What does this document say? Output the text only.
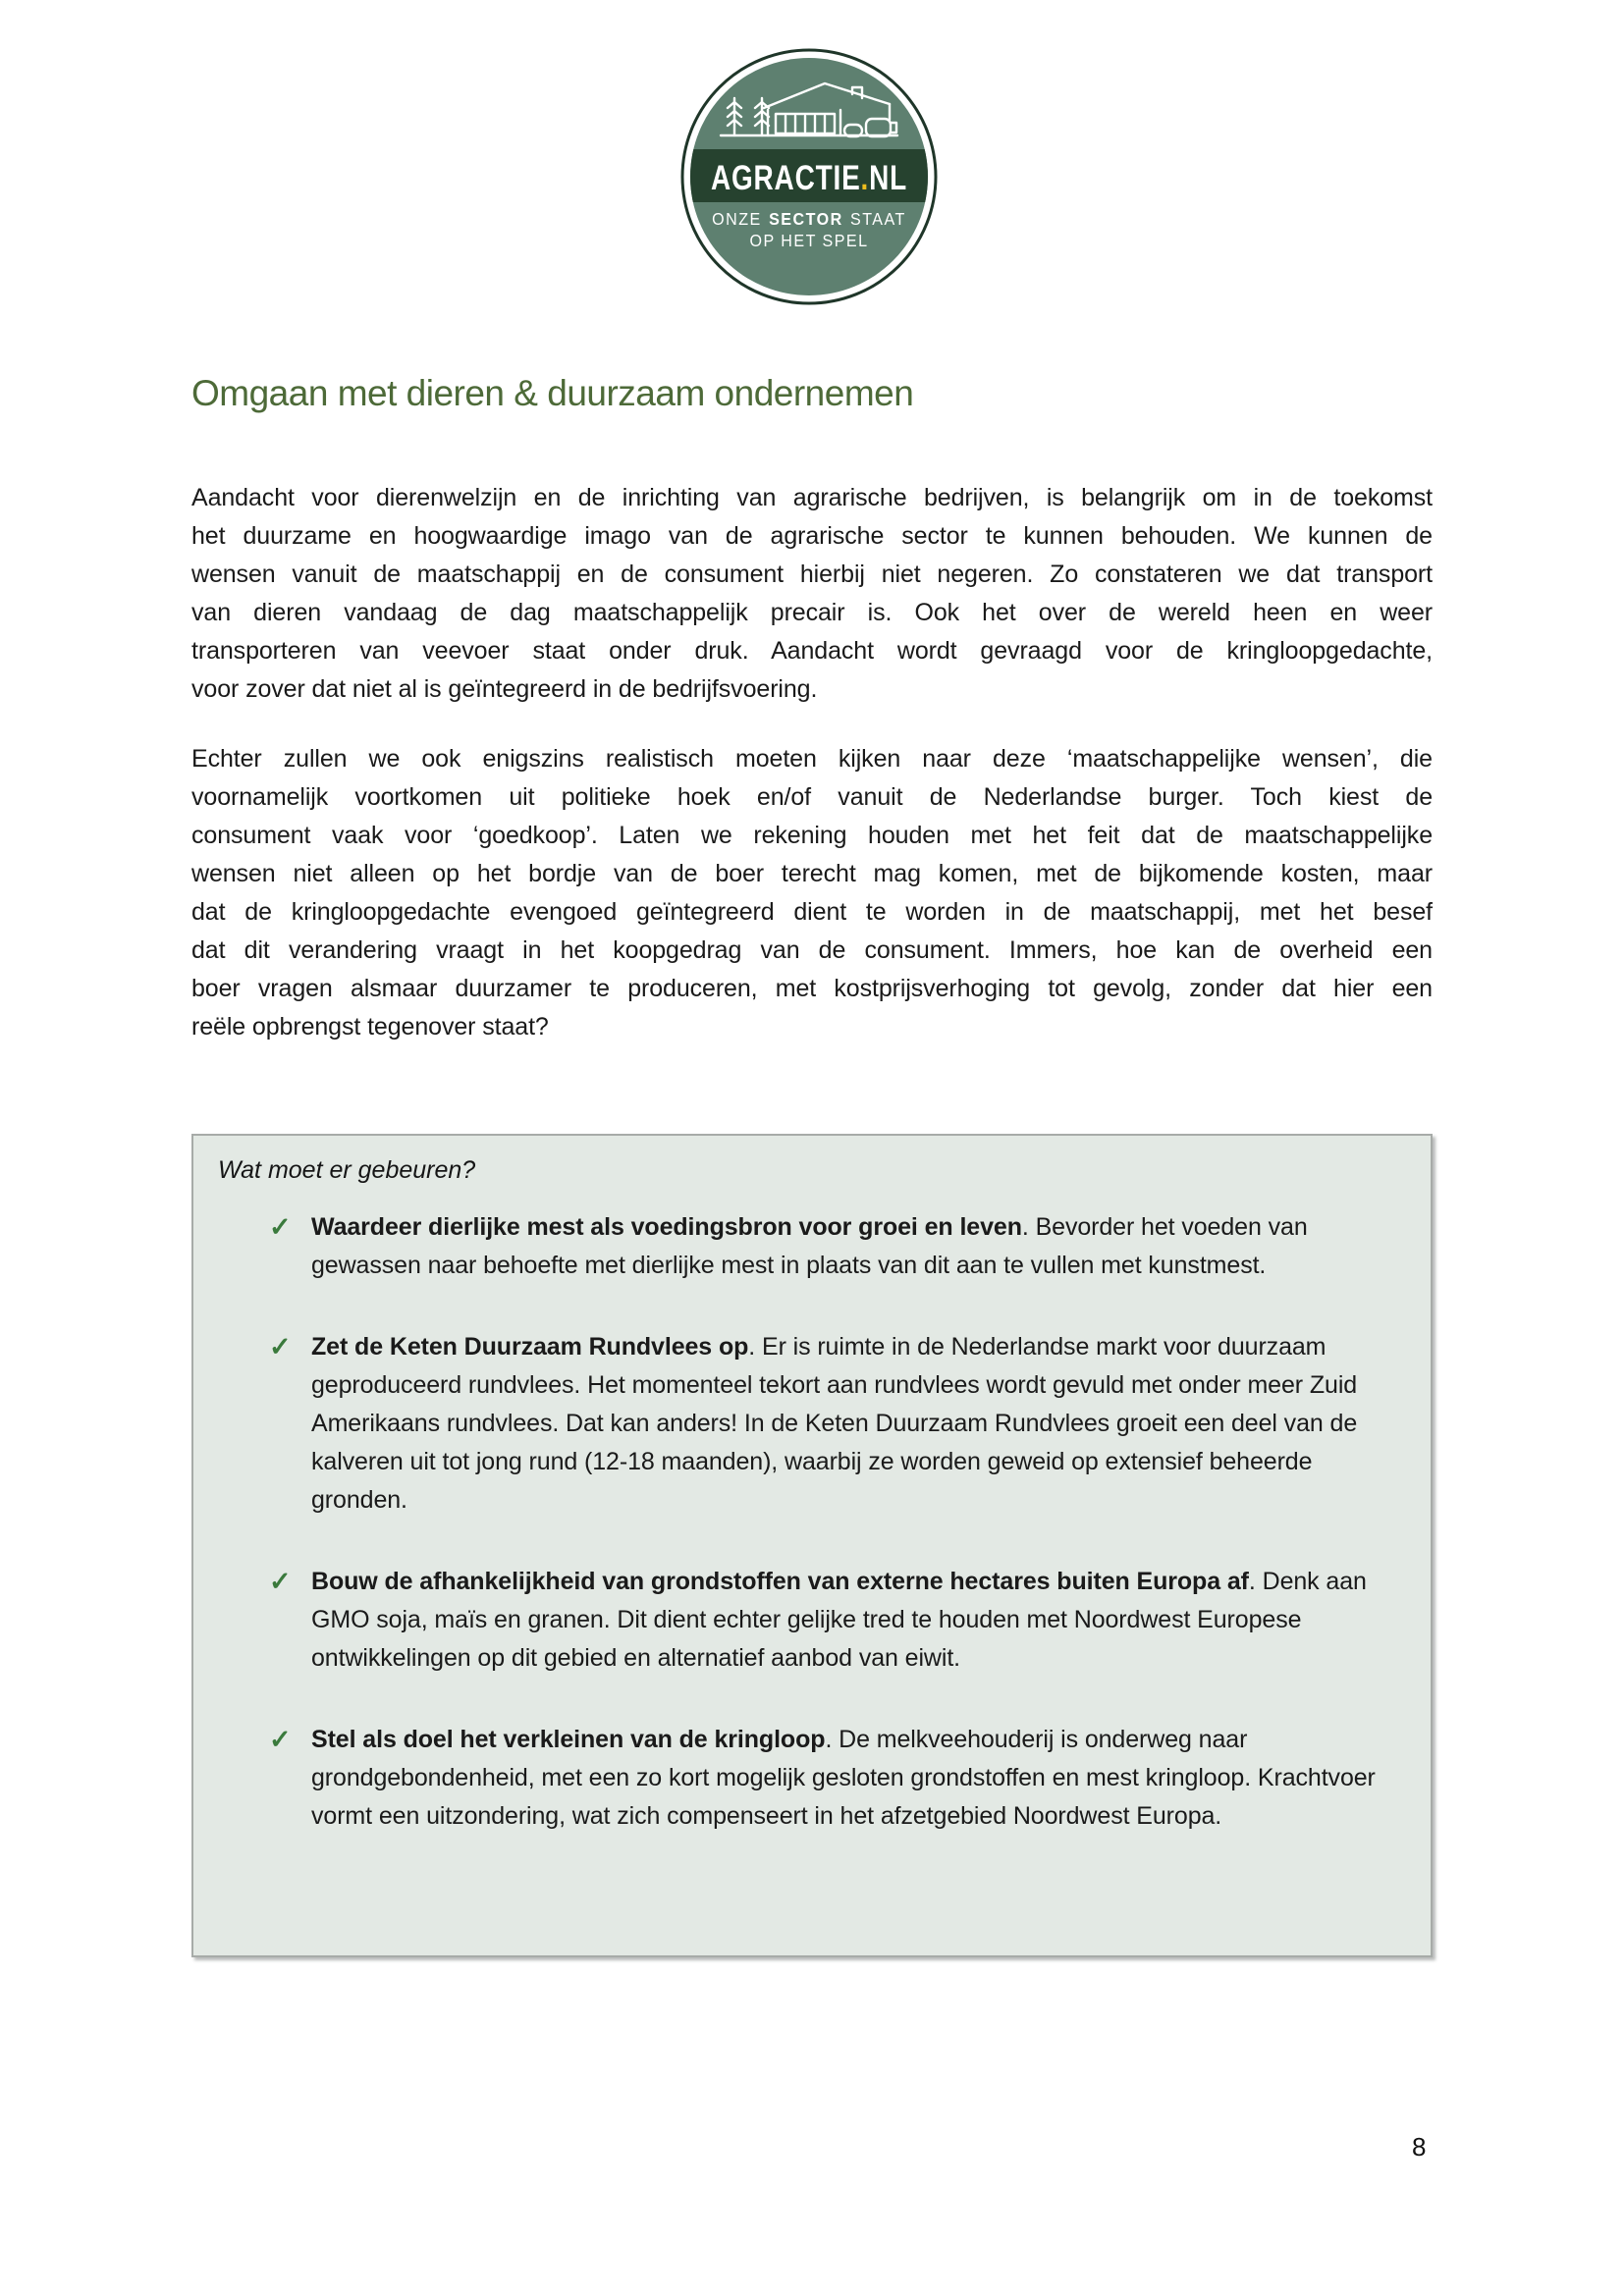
AGRACTIE.NL
ONZE SECTOR STAAT
OP HET SPEL
Omgaan met dieren & duurzaam ondernemen
Aandacht voor dierenwelzijn en de inrichting van agrarische bedrijven, is belangrijk om in de toekomst
het duurzame en hoogwaardige imago van de agrarische sector te kunnen behouden. We kunnen de
wensen vanuit de maatschappij en de consument hierbij niet negeren. Zo constateren we dat transport
van dieren vandaag de dag maatschappelijk precair is. Ook het over de wereld heen en weer
transporteren van veevoer staat onder druk. Aandacht wordt gevraagd voor de kringloopgedachte,
voor zover dat niet al is geïntegreerd in de bedrijfsvoering.
Echter zullen we ook enigszins realistisch moeten kijken naar deze ‘maatschappelijke wensen’, die
voornamelijk voortkomen uit politieke hoek en/of vanuit de Nederlandse burger. Toch kiest de
consument vaak voor ‘goedkoop’. Laten we rekening houden met het feit dat de maatschappelijke
wensen niet alleen op het bordje van de boer terecht mag komen, met de bijkomende kosten, maar
dat de kringloopgedachte evengoed geïntegreerd dient te worden in de maatschappij, met het besef
dat dit verandering vraagt in het koopgedrag van de consument. Immers, hoe kan de overheid een
boer vragen alsmaar duurzamer te produceren, met kostprijsverhoging tot gevolg, zonder dat hier een
reële opbrengst tegenover staat?
Wat moet er gebeuren?
✓ Waardeer dierlijke mest als voedingsbron voor groei en leven. Bevorder het voeden van gewassen naar behoefte met dierlijke mest in plaats van dit aan te vullen met kunstmest.
✓ Zet de Keten Duurzaam Rundvlees op. Er is ruimte in de Nederlandse markt voor duurzaam geproduceerd rundvlees. Het momenteel tekort aan rundvlees wordt gevuld met onder meer Zuid Amerikaans rundvlees. Dat kan anders! In de Keten Duurzaam Rundvlees groeit een deel van de kalveren uit tot jong rund (12-18 maanden), waarbij ze worden geweid op extensief beheerde gronden.
✓ Bouw de afhankelijkheid van grondstoffen van externe hectares buiten Europa af. Denk aan GMO soja, maïs en granen. Dit dient echter gelijke tred te houden met Noordwest Europese ontwikkelingen op dit gebied en alternatief aanbod van eiwit.
✓ Stel als doel het verkleinen van de kringloop. De melkveehouderij is onderweg naar grondgebondenheid, met een zo kort mogelijk gesloten grondstoffen en mest kringloop. Krachtvoer vormt een uitzondering, wat zich compenseert in het afzetgebied Noordwest Europa.
8
